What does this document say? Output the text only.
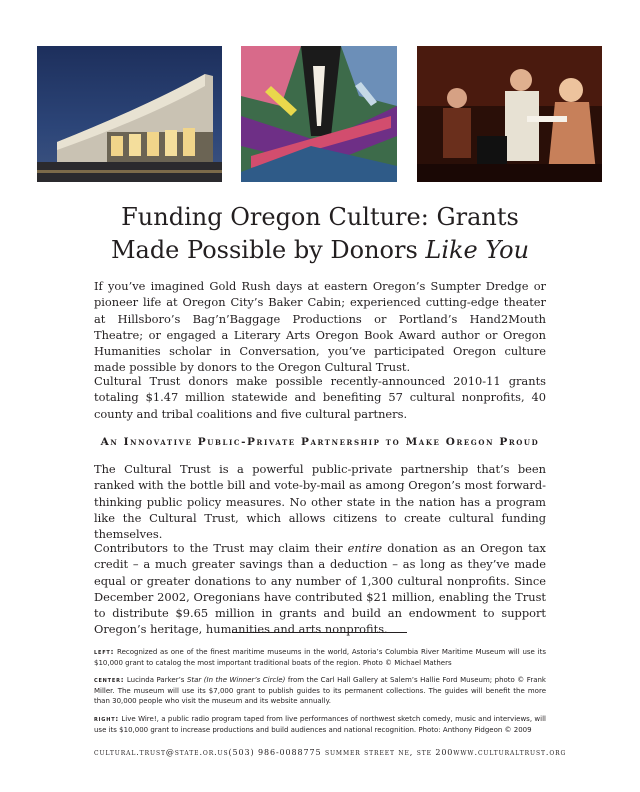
Funding Oregon Culture: Grants
Made Possible by Donors Like You

If you’ve imagined Gold Rush days at eastern Oregon’s Sumpter Dredge or pioneer life at Oregon City’s Baker Cabin; experienced cutting-edge theater at Hillsboro’s Bag’n’Baggage Productions or Portland’s Hand2Mouth Theatre; or engaged a Literary Arts Oregon Book Award author or Oregon Humanities scholar in Conversation, you’ve participated Oregon culture made possible by donors to the Oregon Cultural Trust.

Cultural Trust donors make possible recently-announced 2010-11 grants totaling $1.47 million statewide and benefiting 57 cultural nonprofits, 40 county and tribal coalitions and five cultural partners.

An Innovative Public-Private Partnership to Make Oregon Proud

The Cultural Trust is a powerful public-private partnership that’s been ranked with the bottle bill and vote-by-mail as among Oregon’s most forward-thinking public policy measures. No other state in the nation has a program like the Cultural Trust, which allows citizens to create cultural funding themselves.

Contributors to the Trust may claim their entire donation as an Oregon tax credit – a much greater savings than a deduction – as long as they’ve made equal or greater donations to any number of 1,300 cultural nonprofits. Since December 2002, Oregonians have contributed $21 million, enabling the Trust to distribute $9.65 million in grants and build an endowment to support Oregon’s heritage, humanities and arts nonprofits.

left: Recognized as one of the finest maritime museums in the world, Astoria’s Columbia River Maritime Museum will use its $10,000 grant to catalog the most important traditional boats of the region. Photo © Michael Mathers

center: Lucinda Parker’s Star (In the Winner’s Circle) from the Carl Hall Gallery at Salem’s Hallie Ford Museum; photo © Frank Miller. The museum will use its $7,000 grant to publish guides to its permanent collections. The guides will benefit the more than 30,000 people who visit the museum and its website annually.

right: Live Wire!, a public radio program taped from live performances of northwest sketch comedy, music and interviews, will use its $10,000 grant to increase productions and build audiences and national recognition. Photo: Anthony Pidgeon © 2009

cultural.trust@state.or.us (503) 986-0088 775 summer street ne, ste 200 www.culturaltrust.org
